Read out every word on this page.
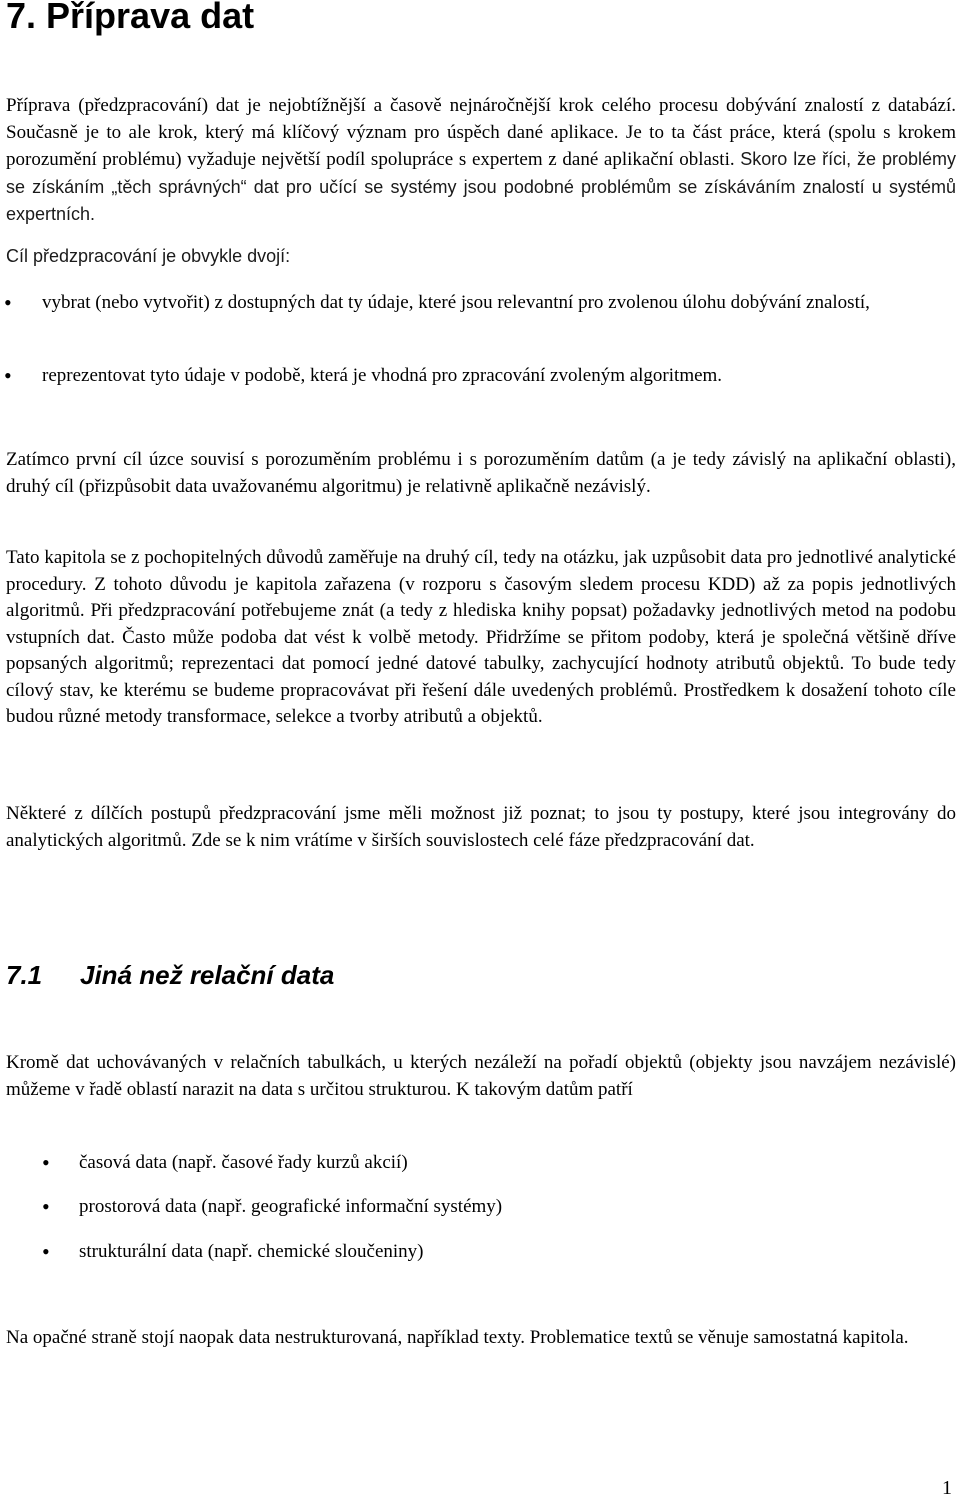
7. Příprava dat

Příprava (předzpracování) dat je nejobtížnější a časově nejnáročnější krok celého procesu dobývání znalostí z databází. Současně je to ale krok, který má klíčový význam pro úspěch dané aplikace. Je to ta část práce, která (spolu s krokem porozumění problému) vyžaduje největší podíl spolupráce s expertem z dané aplikační oblasti. Skoro lze říci, že problémy se získáním „těch správných“ dat pro učící se systémy jsou podobné problémům se získáváním znalostí u systémů expertních.

Cíl předzpracování je obvykle dvojí:

• vybrat (nebo vytvořit) z dostupných dat ty údaje, které jsou relevantní pro zvolenou úlohu dobývání znalostí,
• reprezentovat tyto údaje v podobě, která je vhodná pro zpracování zvoleným algoritmem.

Zatímco první cíl úzce souvisí s porozuměním problému i s porozuměním datům (a je tedy závislý na aplikační oblasti), druhý cíl (přizpůsobit data uvažovanému algoritmu) je relativně aplikačně nezávislý.

Tato kapitola se z pochopitelných důvodů zaměřuje na druhý cíl, tedy na otázku, jak uzpůsobit data pro jednotlivé analytické procedury. Z tohoto důvodu je kapitola zařazena (v rozporu s časovým sledem procesu KDD) až za popis jednotlivých algoritmů. Při předzpracování potřebujeme znát (a tedy z hlediska knihy popsat) požadavky jednotlivých metod na podobu vstupních dat. Často může podoba dat vést k volbě metody. Přidržíme se přitom podoby, která je společná většině dříve popsaných algoritmů; reprezentaci dat pomocí jedné datové tabulky, zachycující hodnoty atributů objektů. To bude tedy cílový stav, ke kterému se budeme propracovávat při řešení dále uvedených problémů. Prostředkem k dosažení tohoto cíle budou různé metody transformace, selekce a tvorby atributů a objektů.

Některé z dílčích postupů předzpracování jsme měli možnost již poznat; to jsou ty postupy, které jsou integrovány do analytických algoritmů. Zde se k nim vrátíme v širších souvislostech celé fáze předzpracování dat.

7.1 Jiná než relační data

Kromě dat uchovávaných v relačních tabulkách, u kterých nezáleží na pořadí objektů (objekty jsou navzájem nezávislé) můžeme v řadě oblastí narazit na data s určitou strukturou. K takovým datům patří

• časová data (např. časové řady kurzů akcií)
• prostorová data (např. geografické informační systémy)
• strukturální data (např. chemické sloučeniny)

Na opačné straně stojí naopak data nestrukturovaná, například texty. Problematice textů se věnuje samostatná kapitola.

1
